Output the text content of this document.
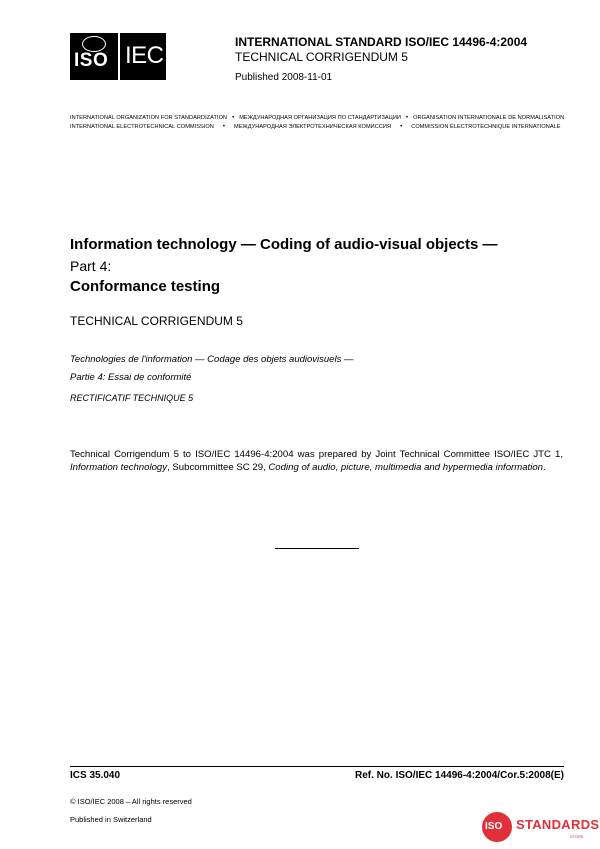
ISO IEC	INTERNATIONAL STANDARD ISO/IEC 14496-4:2004
TECHNICAL CORRIGENDUM 5
Published 2008-11-01
INTERNATIONAL ORGANIZATION FOR STANDARDIZATION • МЕЖДУНАРОДНАЯ ОРГАНИЗАЦИЯ ПО СТАНДАРТИЗАЦИИ • ORGANISATION INTERNATIONALE DE NORMALISATION
INTERNATIONAL ELECTROTECHNICAL COMMISSION • МЕЖДУНАРОДНАЯ ЭЛЕКТРОТЕХНИЧЕСКАЯ КОМИССИЯ • COMMISSION ÉLECTROTECHNIQUE INTERNATIONALE
Information technology — Coding of audio-visual objects —
Part 4:
Conformance testing
TECHNICAL CORRIGENDUM 5
Technologies de l'information — Codage des objets audiovisuels —
Partie 4: Essai de conformité
RECTIFICATIF TECHNIQUE 5
Technical Corrigendum 5 to ISO/IEC 14496-4:2004 was prepared by Joint Technical Committee ISO/IEC JTC 1, Information technology, Subcommittee SC 29, Coding of audio, picture, multimedia and hypermedia information.
ICS 35.040	Ref. No. ISO/IEC 14496-4:2004/Cor.5:2008(E)
© ISO/IEC 2008 – All rights reserved
Published in Switzerland
ISO STANDARDS
STORE
